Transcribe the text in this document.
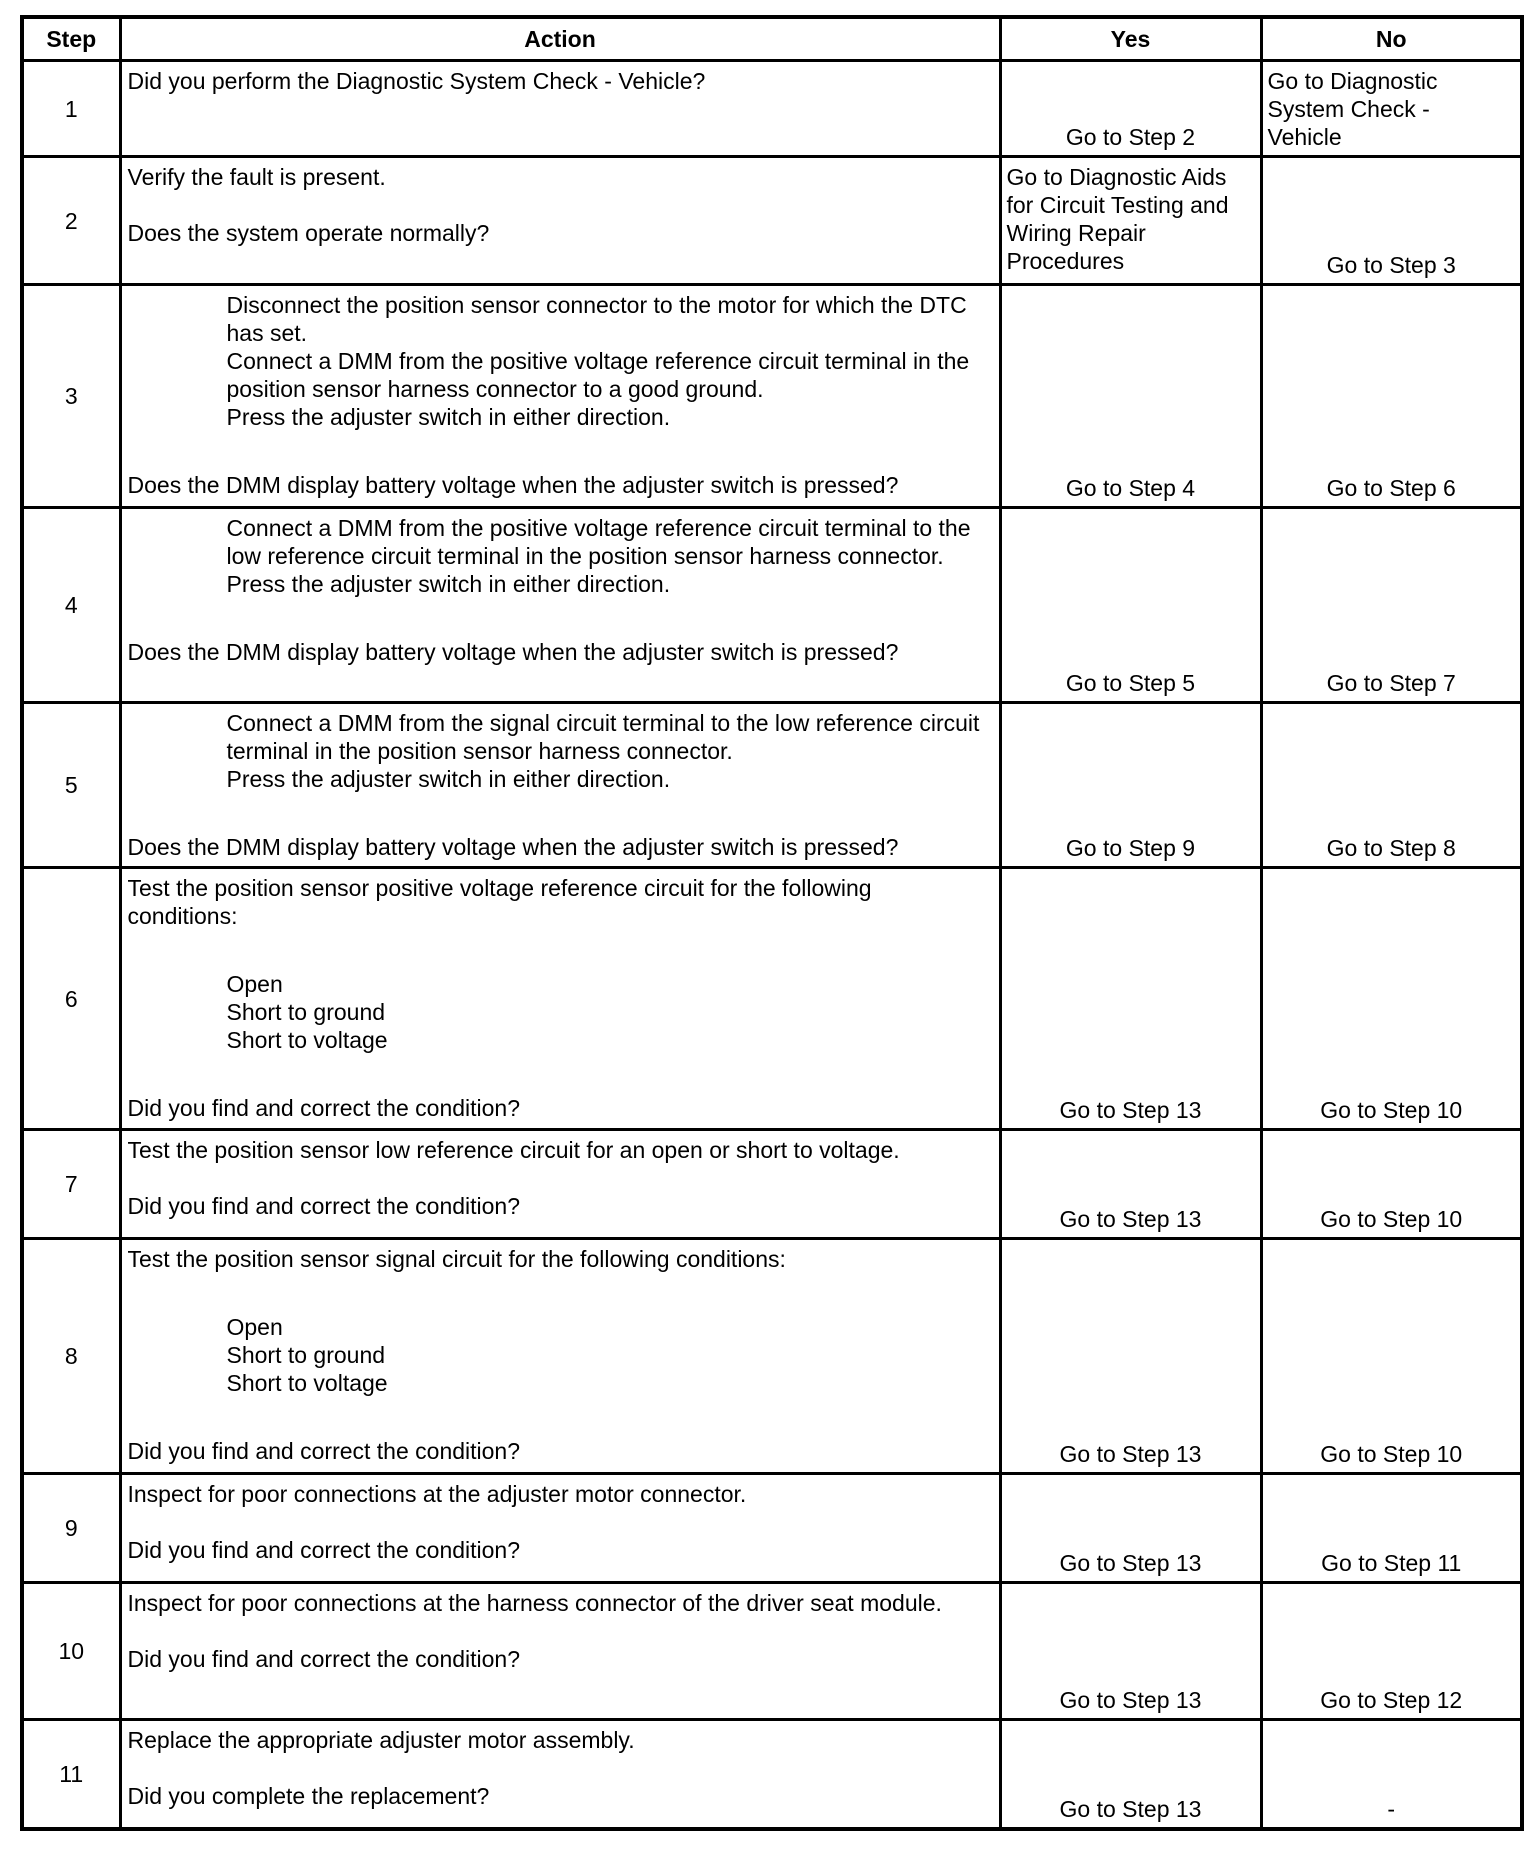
Step	Action	Yes	No
1	Did you perform the Diagnostic System Check - Vehicle?	Go to Step 2	Go to Diagnostic
System Check -
Vehicle

2	Verify the fault is present.
Does the system operate normally?	Go to Diagnostic Aids
for Circuit Testing and
Wiring Repair
Procedures	Go to Step 3
3	Disconnect the position sensor connector to the motor for which the DTC has set.
Connect a DMM from the positive voltage reference circuit terminal in the position sensor harness connector to a good ground.
Press the adjuster switch in either direction.
Does the DMM display battery voltage when the adjuster switch is pressed?	Go to Step 4	Go to Step 6
4	Connect a DMM from the positive voltage reference circuit terminal to the low reference circuit terminal in the position sensor harness connector.
Press the adjuster switch in either direction.
Does the DMM display battery voltage when the adjuster switch is pressed?	Go to Step 5	Go to Step 7
5	Connect a DMM from the signal circuit terminal to the low reference circuit terminal in the position sensor harness connector.
Press the adjuster switch in either direction.
Does the DMM display battery voltage when the adjuster switch is pressed?	Go to Step 9	Go to Step 8
6	Test the position sensor positive voltage reference circuit for the following conditions:
Open
Short to ground
Short to voltage
Did you find and correct the condition?	Go to Step 13	Go to Step 10
7	Test the position sensor low reference circuit for an open or short to voltage.
Did you find and correct the condition?	Go to Step 13	Go to Step 10
8	Test the position sensor signal circuit for the following conditions:
Open
Short to ground
Short to voltage
Did you find and correct the condition?	Go to Step 13	Go to Step 10
9	Inspect for poor connections at the adjuster motor connector.
Did you find and correct the condition?	Go to Step 13	Go to Step 11
10	Inspect for poor connections at the harness connector of the driver seat module.
Did you find and correct the condition?	Go to Step 13	Go to Step 12
11	Replace the appropriate adjuster motor assembly.
Did you complete the replacement?	Go to Step 13	-
